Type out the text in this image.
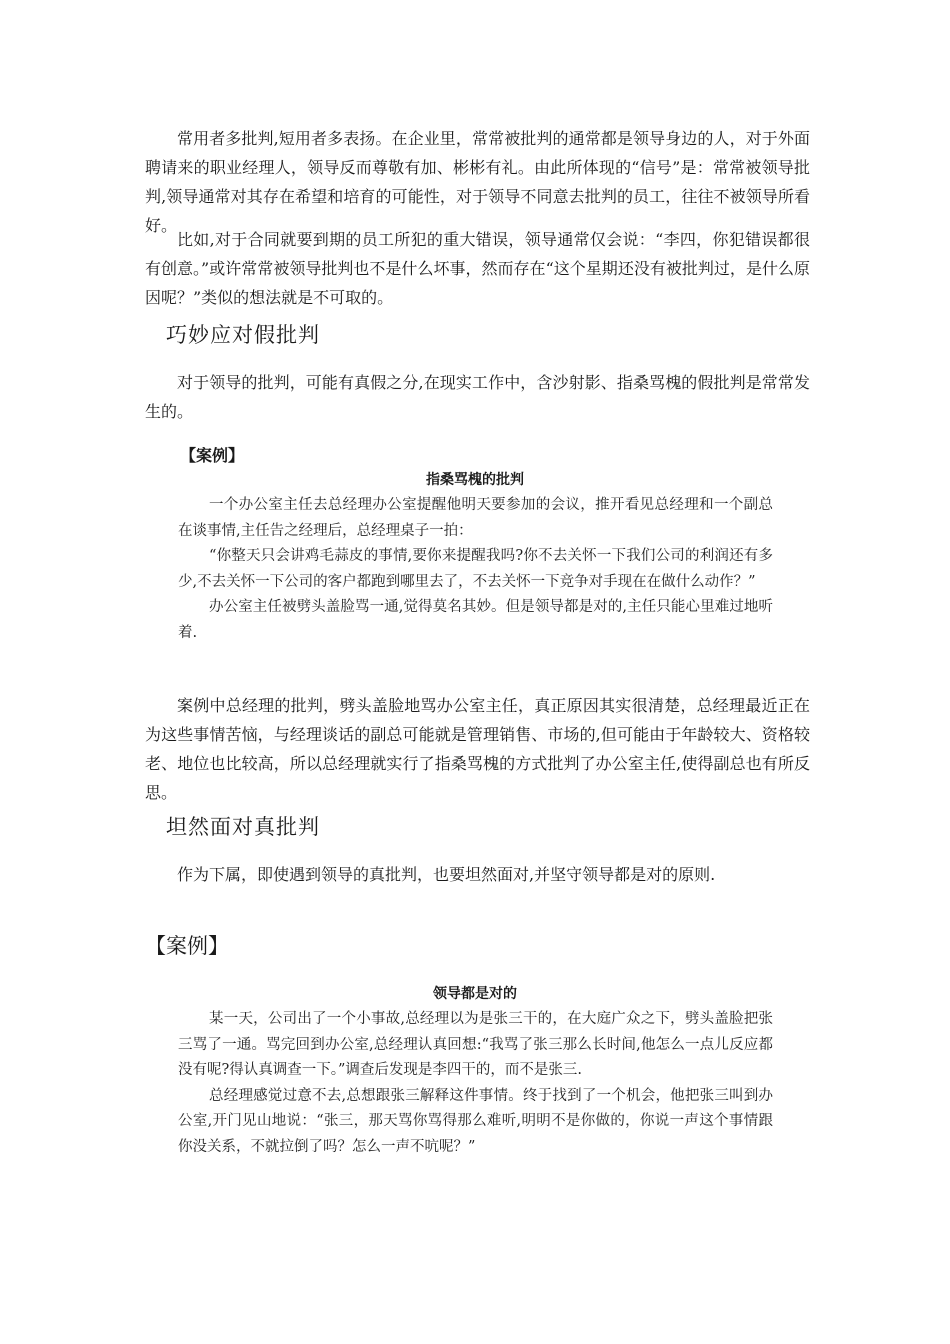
常用者多批判,短用者多表扬。在企业里，常常被批判的通常都是领导身边的人，对于外面聘请来的职业经理人，领导反而尊敬有加、彬彬有礼。由此所体现的“信号”是：常常被领导批判,领导通常对其存在希望和培育的可能性，对于领导不同意去批判的员工，往往不被领导所看好。

比如,对于合同就要到期的员工所犯的重大错误，领导通常仅会说：“李四，你犯错误都很有创意。”或许常常被领导批判也不是什么坏事，然而存在“这个星期还没有被批判过，是什么原因呢？”类似的想法就是不可取的。

巧妙应对假批判

对于领导的批判，可能有真假之分,在现实工作中，含沙射影、指桑骂槐的假批判是常常发生的。

【案例】
指桑骂槐的批判

一个办公室主任去总经理办公室提醒他明天要参加的会议，推开看见总经理和一个副总在谈事情,主任告之经理后，总经理桌子一拍：

“你整天只会讲鸡毛蒜皮的事情,要你来提醒我吗?你不去关怀一下我们公司的利润还有多少,不去关怀一下公司的客户都跑到哪里去了，不去关怀一下竞争对手现在在做什么动作？”

办公室主任被劈头盖脸骂一通,觉得莫名其妙。但是领导都是对的,主任只能心里难过地听着.

案例中总经理的批判，劈头盖脸地骂办公室主任，真正原因其实很清楚，总经理最近正在为这些事情苦恼，与经理谈话的副总可能就是管理销售、市场的,但可能由于年龄较大、资格较老、地位也比较高，所以总经理就实行了指桑骂槐的方式批判了办公室主任,使得副总也有所反思。

坦然面对真批判

作为下属，即使遇到领导的真批判，也要坦然面对,并坚守领导都是对的原则.

【案例】
领导都是对的

某一天，公司出了一个小事故,总经理以为是张三干的，在大庭广众之下，劈头盖脸把张三骂了一通。骂完回到办公室,总经理认真回想:“我骂了张三那么长时间,他怎么一点儿反应都没有呢?得认真调查一下。”调查后发现是李四干的，而不是张三.

总经理感觉过意不去,总想跟张三解释这件事情。终于找到了一个机会，他把张三叫到办公室,开门见山地说：“张三，那天骂你骂得那么难听,明明不是你做的，你说一声这个事情跟你没关系，不就拉倒了吗？怎么一声不吭呢？”
